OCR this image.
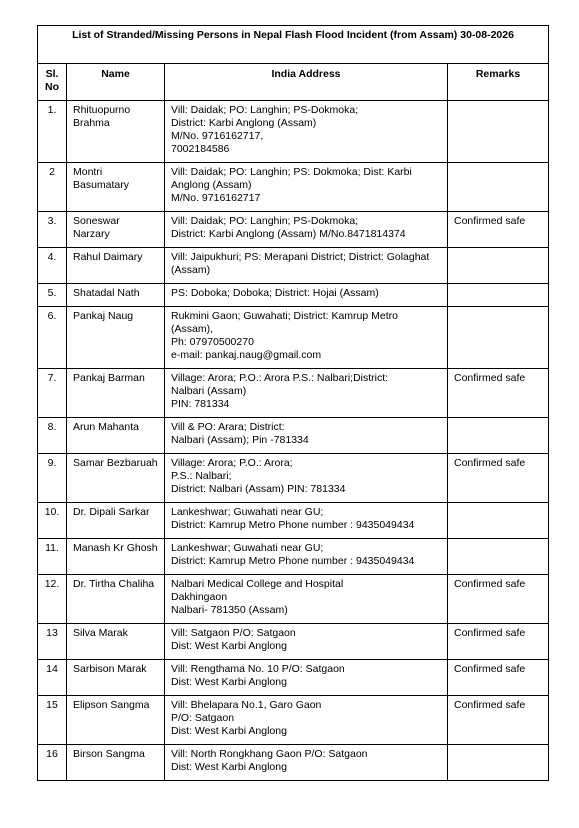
List of Stranded/Missing Persons in Nepal Flash Flood Incident (from Assam) 30-08-2026			
Sl. No	Name	India Address	Remarks
1.	Rhituopurno Brahma	Vill: Daidak; PO: Langhin; PS-Dokmoka;
District: Karbi Anglong (Assam)
M/No. 9716162717,
7002184586	
2	Montri Basumatary	Vill: Daidak; PO: Langhin; PS: Dokmoka; Dist: Karbi Anglong (Assam)
M/No. 9716162717	
3.	Soneswar Narzary	Vill: Daidak; PO: Langhin; PS-Dokmoka;
District: Karbi Anglong (Assam) M/No.8471814374	Confirmed safe
4.	Rahul Daimary	Vill: Jaipukhuri; PS: Merapani District; District: Golaghat (Assam)	
5.	Shatadal Nath	PS: Doboka; Doboka; District: Hojai (Assam)	
6.	Pankaj Naug	Rukmini Gaon; Guwahati; District: Kamrup Metro (Assam),
Ph: 07970500270
e-mail: pankaj.naug@gmail.com	
7.	Pankaj Barman	Village: Arora; P.O.: Arora P.S.: Nalbari;District:
Nalbari (Assam)
PIN: 781334	Confirmed safe
8.	Arun Mahanta	Vill & PO: Arara; District:
Nalbari (Assam); Pin -781334	
9.	Samar Bezbaruah	Village: Arora; P.O.: Arora;
P.S.: Nalbari;
District: Nalbari (Assam) PIN: 781334	Confirmed safe
10.	Dr. Dipali Sarkar	Lankeshwar; Guwahati near GU;
District: Kamrup Metro Phone number : 9435049434	
11.	Manash Kr Ghosh	Lankeshwar; Guwahati near GU;
District: Kamrup Metro Phone number : 9435049434	
12.	Dr. Tirtha Chaliha	Nalbari Medical College and Hospital
Dakhingaon
Nalbari- 781350 (Assam)	Confirmed safe
13	Silva Marak	Vill: Satgaon P/O: Satgaon
Dist: West Karbi Anglong	Confirmed safe
14	Sarbison Marak	Vill: Rengthama No. 10 P/O: Satgaon
Dist: West Karbi Anglong	Confirmed safe
15	Elipson Sangma	Vill: Bhelapara No.1, Garo Gaon
P/O: Satgaon
Dist: West Karbi Anglong	Confirmed safe
16	Birson Sangma	Vill: North Rongkhang Gaon P/O: Satgaon
Dist: West Karbi Anglong	
